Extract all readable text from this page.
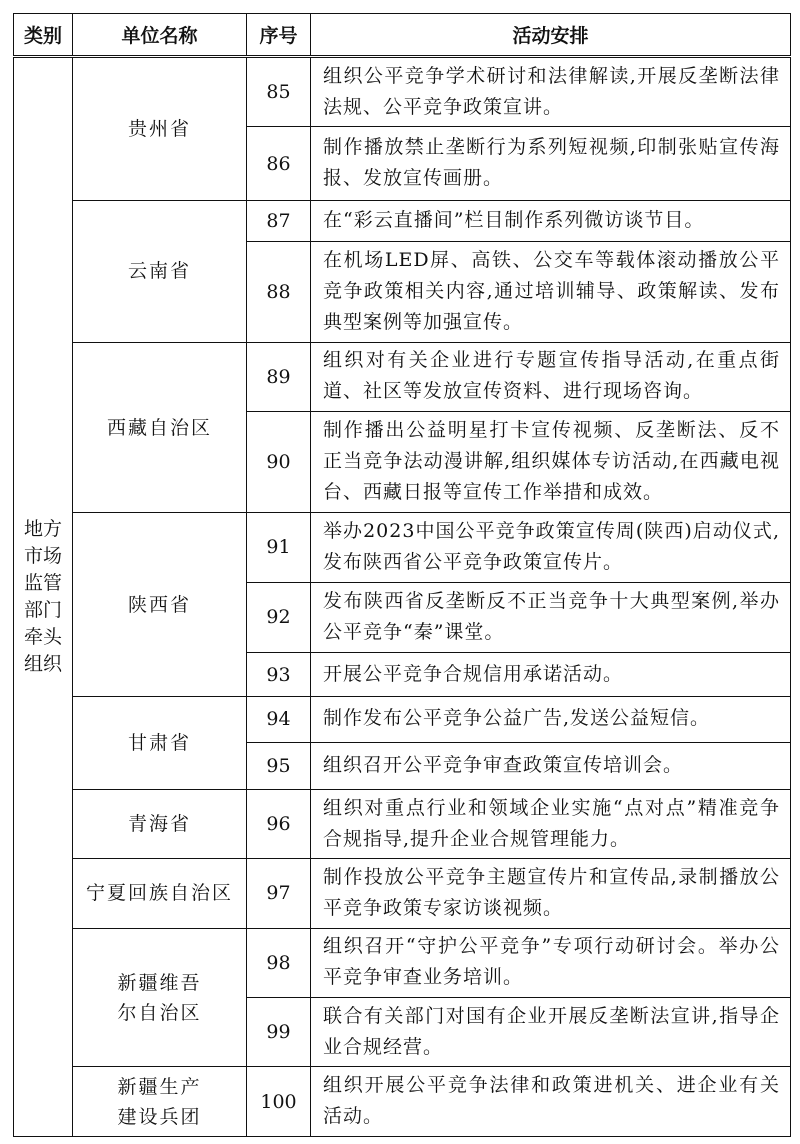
类别	单位名称	序号	活动安排
地方市场监管部门牵头组织	贵州省	85	组织公平竞争学术研讨和法律解读,开展反垄断法律法规、公平竞争政策宣讲。
		86	制作播放禁止垄断行为系列短视频,印制张贴宣传海报、发放宣传画册。
	云南省	87	在“彩云直播间”栏目制作系列微访谈节目。
		88	在机场LED屏、高铁、公交车等载体滚动播放公平竞争政策相关内容,通过培训辅导、政策解读、发布典型案例等加强宣传。
	西藏自治区	89	组织对有关企业进行专题宣传指导活动,在重点街道、社区等发放宣传资料、进行现场咨询。
		90	制作播出公益明星打卡宣传视频、反垄断法、反不正当竞争法动漫讲解,组织媒体专访活动,在西藏电视台、西藏日报等宣传工作举措和成效。
	陕西省	91	举办2023中国公平竞争政策宣传周(陕西)启动仪式,发布陕西省公平竞争政策宣传片。
		92	发布陕西省反垄断反不正当竞争十大典型案例,举办公平竞争“秦”课堂。
		93	开展公平竞争合规信用承诺活动。
	甘肃省	94	制作发布公平竞争公益广告,发送公益短信。
		95	组织召开公平竞争审查政策宣传培训会。
	青海省	96	组织对重点行业和领域企业实施“点对点”精准竞争合规指导,提升企业合规管理能力。
	宁夏回族自治区	97	制作投放公平竞争主题宣传片和宣传品,录制播放公平竞争政策专家访谈视频。
	新疆维吾尔自治区	98	组织召开“守护公平竞争”专项行动研讨会。举办公平竞争审查业务培训。
		99	联合有关部门对国有企业开展反垄断法宣讲,指导企业合规经营。
	新疆生产建设兵团	100	组织开展公平竞争法律和政策进机关、进企业有关活动。
